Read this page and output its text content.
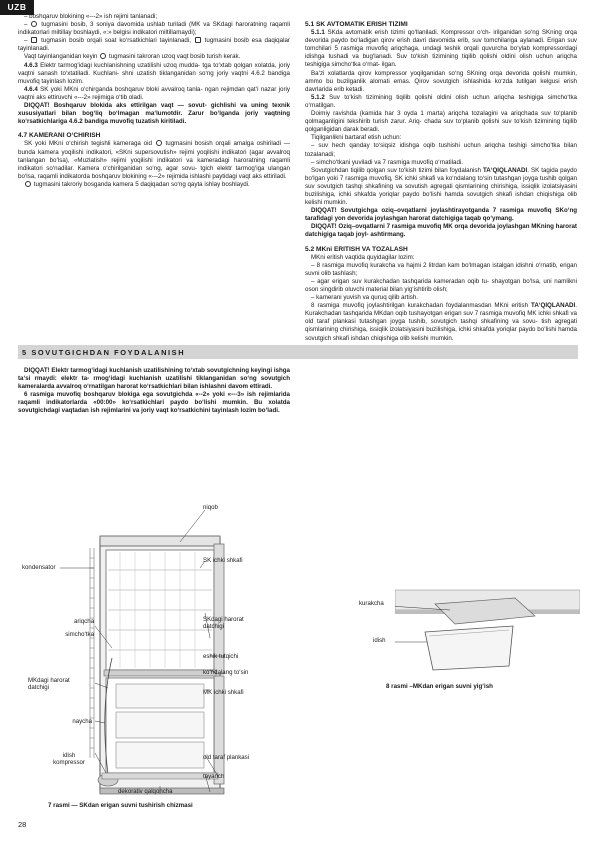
UZB

– boshqaruv blokining «---2» ish rejimi tanlanadi;

– tugmasini bosib, 3 soniya davomida ushlab turiladi (MK va SKdagi haroratning raqamli indikatorlari miltillay boshlaydi, «:» belgisi indikatori miltillamaydi);

– tugmasin bosib orqali soat ko‘rsatkichlari tayinlanadi, tugmasini bosib esa daqiqalar tayinlanadi.

Vaqt tayinlanganidan keyin tugmasini takroran uzoq vaqt bosib turish kerak.

4.6.3 Elektr tarmog‘idagi kuchlanishning uzatilishi uzoq mudda- tga to‘xtab qolgan xolatda, joriy vaqtni sanash to‘xtatiladi. Kuchlani- shni uzatish tiklanganidan so‘ng joriy vaqtni 4.6.2 bandiga muvofiq tayinlash lozim.

4.6.4 SK yoki MKni o‘chirganda boshqaruv bloki avvalroq tanla- ngan rejimdan qat‘i nazar joriy vaqtni aks ettiruvchi «---2» rejimiga o‘tib oladi.

DIQQAT! Boshqaruv blokida aks ettirilgan vaqt — sovut- gichlishi va uning texnik xususiyatlari bilan bog‘liq bo‘lmagan ma‘lumotdir. Zarur bo‘lganda joriy vaqtning ko‘rsatkichlariga 4.6.2 bandiga muvofiq tuzatish kiritiladi.

4.7 KAMERANI O‘CHIRISH

SK yoki MKni o‘chirish tegishli kameraga oid tugmasini bosish orqali amalga oshiriladi — bunda kamera yoqilishi indikatori, «SKni supersovutish» rejimi yoqilishi indikatori (agar avvalroq tanlangan bo‘lsa), «Muzlatish» rejimi yoqilishi indikatori va kameradagi haroratning raqamli indikatori so‘nadilar. Kamera o‘chirilganidan so‘ng, agar sovu- tgich elektr tarmog‘iga ulangan bo‘lsa, raqamli indikatorda boshqaruv blokining «---2» rejimida ishlashi paytidagi vaqt aks ettiriladi.

tugmasini takroriy bosganda kamera 5 daqiqadan so‘ng qayta ishlay boshlaydi.

5 SOVUTGICHDAN FOYDALANISH

DIQQAT! Elektr tarmog‘idagi kuchlanish uzatilishining to‘xtab sovutgichning keyingi ishga ta‘si rmaydi: elektr ta- rmog‘idagi kuchlanish uzatilishi tiklanganidan so‘ng sovutgich kameralarda avvalroq o‘rnatilgan harorat ko‘rsatkichlari bilan ishlashni davom ettiradi.

6 rasmiga muvofiq boshqaruv blokiga ega sovutgichda «--2» yoki «---3» ish rejimlarida raqamli indikatorlarda «00:00» ko‘rsatkichlari paydo bo‘lishi mumkin. Bu xolatda sovutgichdagi vaqtadan ish rejimlarini va joriy vaqt ko‘rsatkichini tayinlash lozim bo‘ladi.

5.1 SK AVTOMATIK ERISH TIZIMI

5.1.1 SKda avtomatik erish tizimi qo‘llaniladi. Kompressor o‘ch- irilganidan so‘ng SKning orqa devorida paydo bo‘ladigan qirov erish davri davomida erib, suv tomchilariga aylanadi. Erigan suv tomchilari 5 rasmiga muvofiq ariqchaga, undagi teshik orqali quvurcha bo‘ylab kompressordagi idishga tushadi va bug‘lanadi. Suv to‘kish tizimining tiqilib qolishi oldini olish uchun ariqcha teshigiga simcho‘tka o‘rnat- ilgan.

Ba‘zi xolatlarda qirov kompressor yoqilganidan so‘ng SKning orqa devorida qolishi mumkin, ammo bu buzilganlik alomati emas. Qirov sovutgich ishlashida ko‘zda tutilgan kelgusi erish davrlarida erib ketadi.

5.1.2 Suv to‘kish tizimining tiqilib qolishi oldini olish uchun ariqcha teshigiga simcho‘tka o‘rnatilgan.

Doimiy ravishda (kamida har 3 oyda 1 marta) ariqcha tozalagini va ariqchada suv to‘planib qolmaganligini tekshirib turish zarur. Ariq- chada suv to‘planib qolishi suv to‘kish tizimining tiqilib qolganligidan darak beradi.

Tiqilganlikni bartaraf etish uchun:

– suv hech qanday to‘siqsiz idishga oqib tushishi uchun ariqcha teshigi simcho‘tka bilan tozalanadi;

– simcho‘tkani yuviladi va 7 rasmiga muvofiq o‘rnatiladi.

Sovutgichdan tiqilib qolgan suv to‘kish tizimi bilan foydalanish TA‘QIQLANADI. SK tagida paydo bo‘lgan yoki 7 rasmiga muvofiq, SK ichki shkafi va ko‘ndalang to‘sin tutashgan joyga tushib qolgan suv sovutgich tashqi shkafining va sovutish agregati qismlarining chirishiga, issiqlik izolatsiyasini buzilishiga, ichki shkafda yoriqlar paydo bo‘lishi hamda sovutgich shkafi ishdan chiqishiga olib kelishi mumkin.

DIQQAT! Sovutgichga oziq–ovqatlarni joylashtirayotganda 7 rasmiga muvofiq SKo‘ng tarafidagi yon devorida joylashgan harorat datchigiga taqab qo‘ymang.

DIQQAT! Oziq–ovqatlarni 7 rasmiga muvofiq MK orqa devorida joylashgan MKning harorat datchigiga taqab joyl- ashtirmang.

5.2 MKni ERITISH VA TOZALASH

MKni eritish vaqtida quyidagilar lozim:

– 8 rasmiga muvofiq kurakcha va hajmi 2 litrdan kam bo‘lmagan istalgan idishni o‘rnatib, erigan suvni olib tashlash;

– agar erigan suv kurakchadan tashqarida kameradan oqib tu- shayotgan bo‘lsa, uni namlikni oson singdirib oluvchi material bilan yig‘ishtirib olish;

– kamerani yuvish va quruq qilib artish.

8 rasmiga muvofiq joylashtirilgan kurakchadan foydalanmasdan MKni eritish TA‘QIQLANADI. Kurakchadan tashqarida MKdan oqib tushayotgan erigan suv 7 rasmiga muvofiq MK ichki shkafi va old taraf plankasi tutashgan joyga tushib, sovutgich tashqi shkafining va sovu- tish agregati qismlarining chirishiga, issiqlik izolatsiyasini buzilishiga, ichki shkafda yoriqlar paydo bo‘lishi hamda sovutgich shkafi ishdan chiqishiga olib kelishi mumkin.

niqob
kondensator
SK ichki shkafi
ariqcha
simcho‘tka
SKdagi harorat
datchigi
eshik tutqichi
ko‘ndalang to‘sin
MKdagi harorat
datchigi
MK ichki shkafi
naycha
idish
kompressor
old taraf plankasi
tayanch
dekorativ qalqoncha
7 rasmi — SKdan erigan suvni tushirish chizmasi
kurakcha
idish
8 rasmi –MKdan erigan suvni yig‘ish
28
